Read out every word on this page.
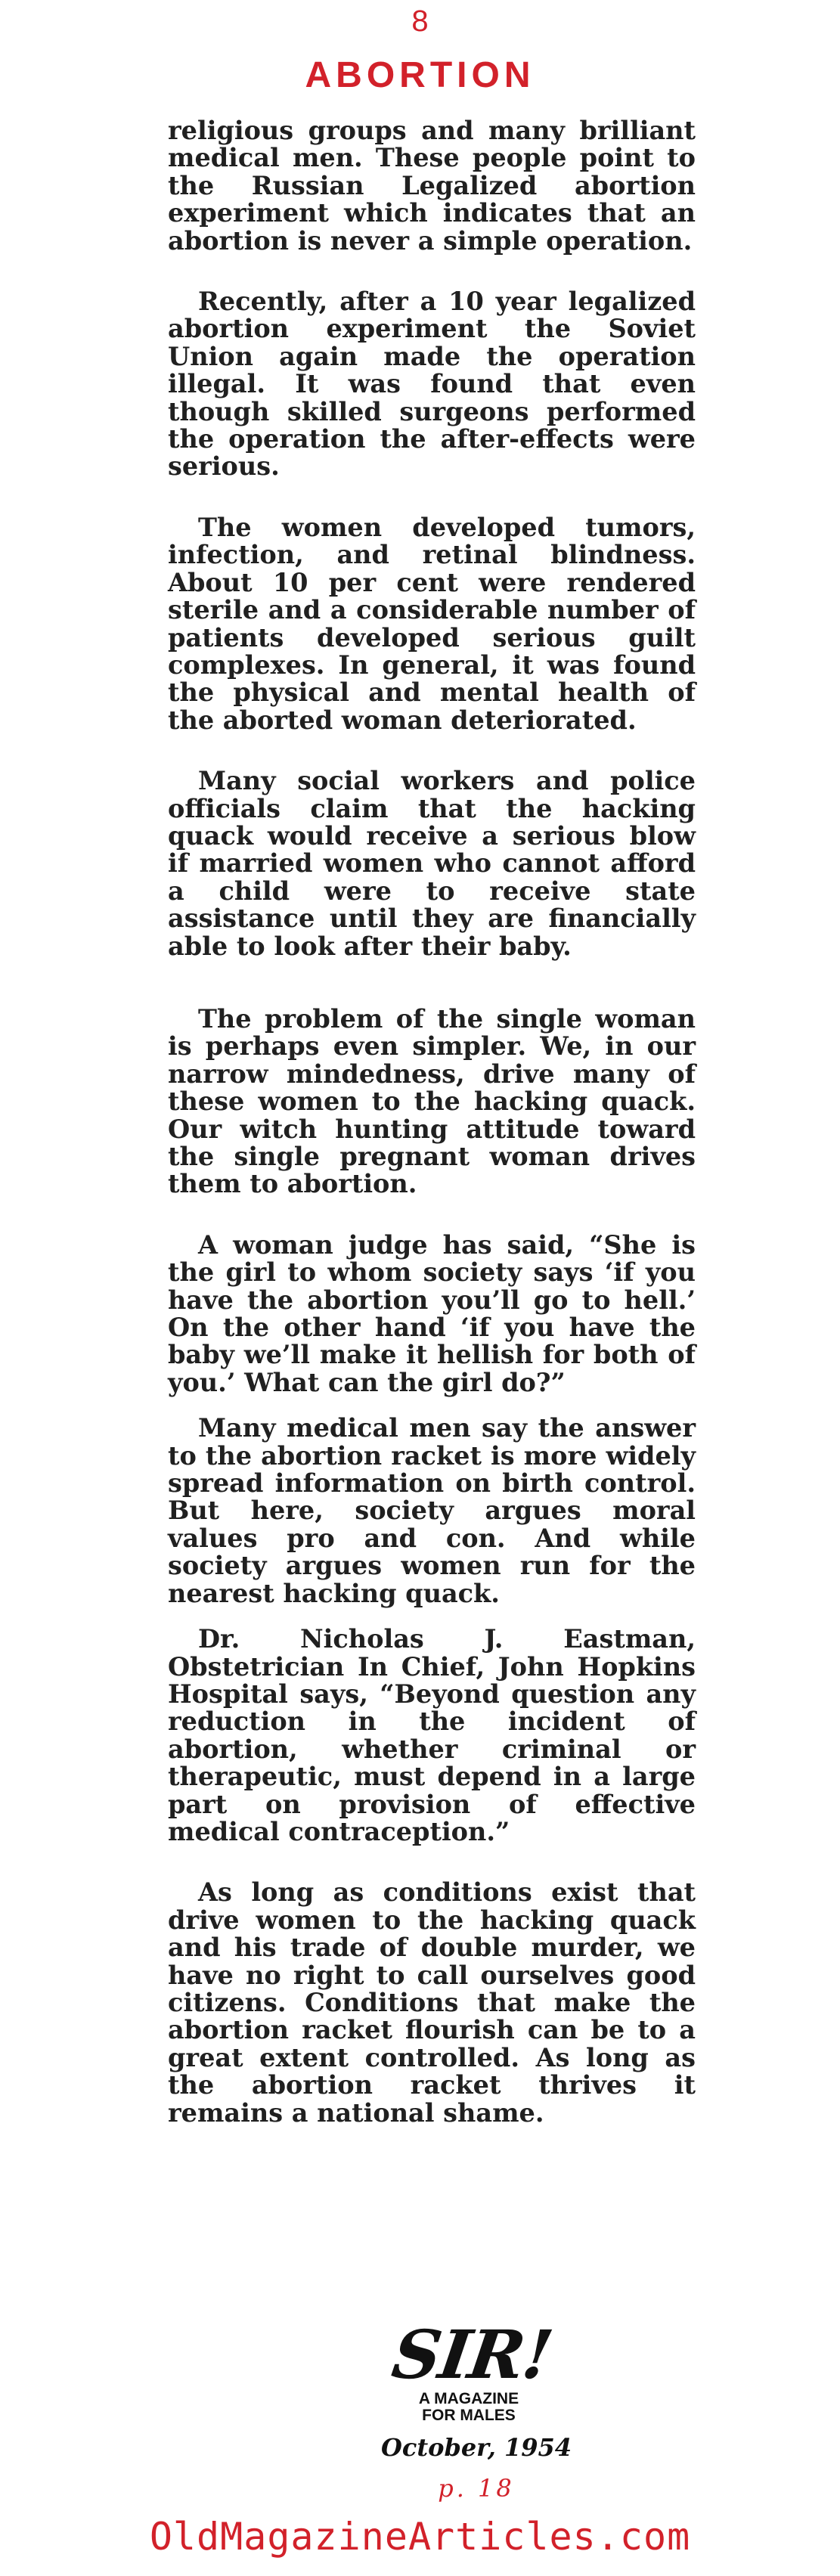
8
ABORTION

religious groups and many brilliant medical men. These people point to the Russian Legalized abortion experiment which indicates that an abortion is never a simple operation.

Recently, after a 10 year legalized abortion experiment the Soviet Union again made the operation illegal. It was found that even though skilled surgeons performed the operation the after-effects were serious.

The women developed tumors, infection, and retinal blindness. About 10 per cent were rendered sterile and a considerable number of patients developed serious guilt complexes. In general, it was found the physical and mental health of the aborted woman deteriorated.

Many social workers and police officials claim that the hacking quack would receive a serious blow if married women who cannot afford a child were to receive state assistance until they are financially able to look after their baby.

The problem of the single woman is perhaps even simpler. We, in our narrow mindedness, drive many of these women to the hacking quack. Our witch hunting attitude toward the single pregnant woman drives them to abortion.

A woman judge has said, “She is the girl to whom society says ‘if you have the abortion you’ll go to hell.’ On the other hand ‘if you have the baby we’ll make it hellish for both of you.’ What can the girl do?”

Many medical men say the answer to the abortion racket is more widely spread information on birth control. But here, society argues moral values pro and con. And while society argues women run for the nearest hacking quack.

Dr. Nicholas J. Eastman, Obstetrician In Chief, John Hopkins Hospital says, “Beyond question any reduction in the incident of abortion, whether criminal or therapeutic, must depend in a large part on provision of effective medical contraception.”

As long as conditions exist that drive women to the hacking quack and his trade of double murder, we have no right to call ourselves good citizens. Conditions that make the abortion racket flourish can be to a great extent controlled. As long as the abortion racket thrives it remains a national shame.

SIR!
A MAGAZINE
FOR MALES
October, 1954
p. 18
OldMagazineArticles.com
